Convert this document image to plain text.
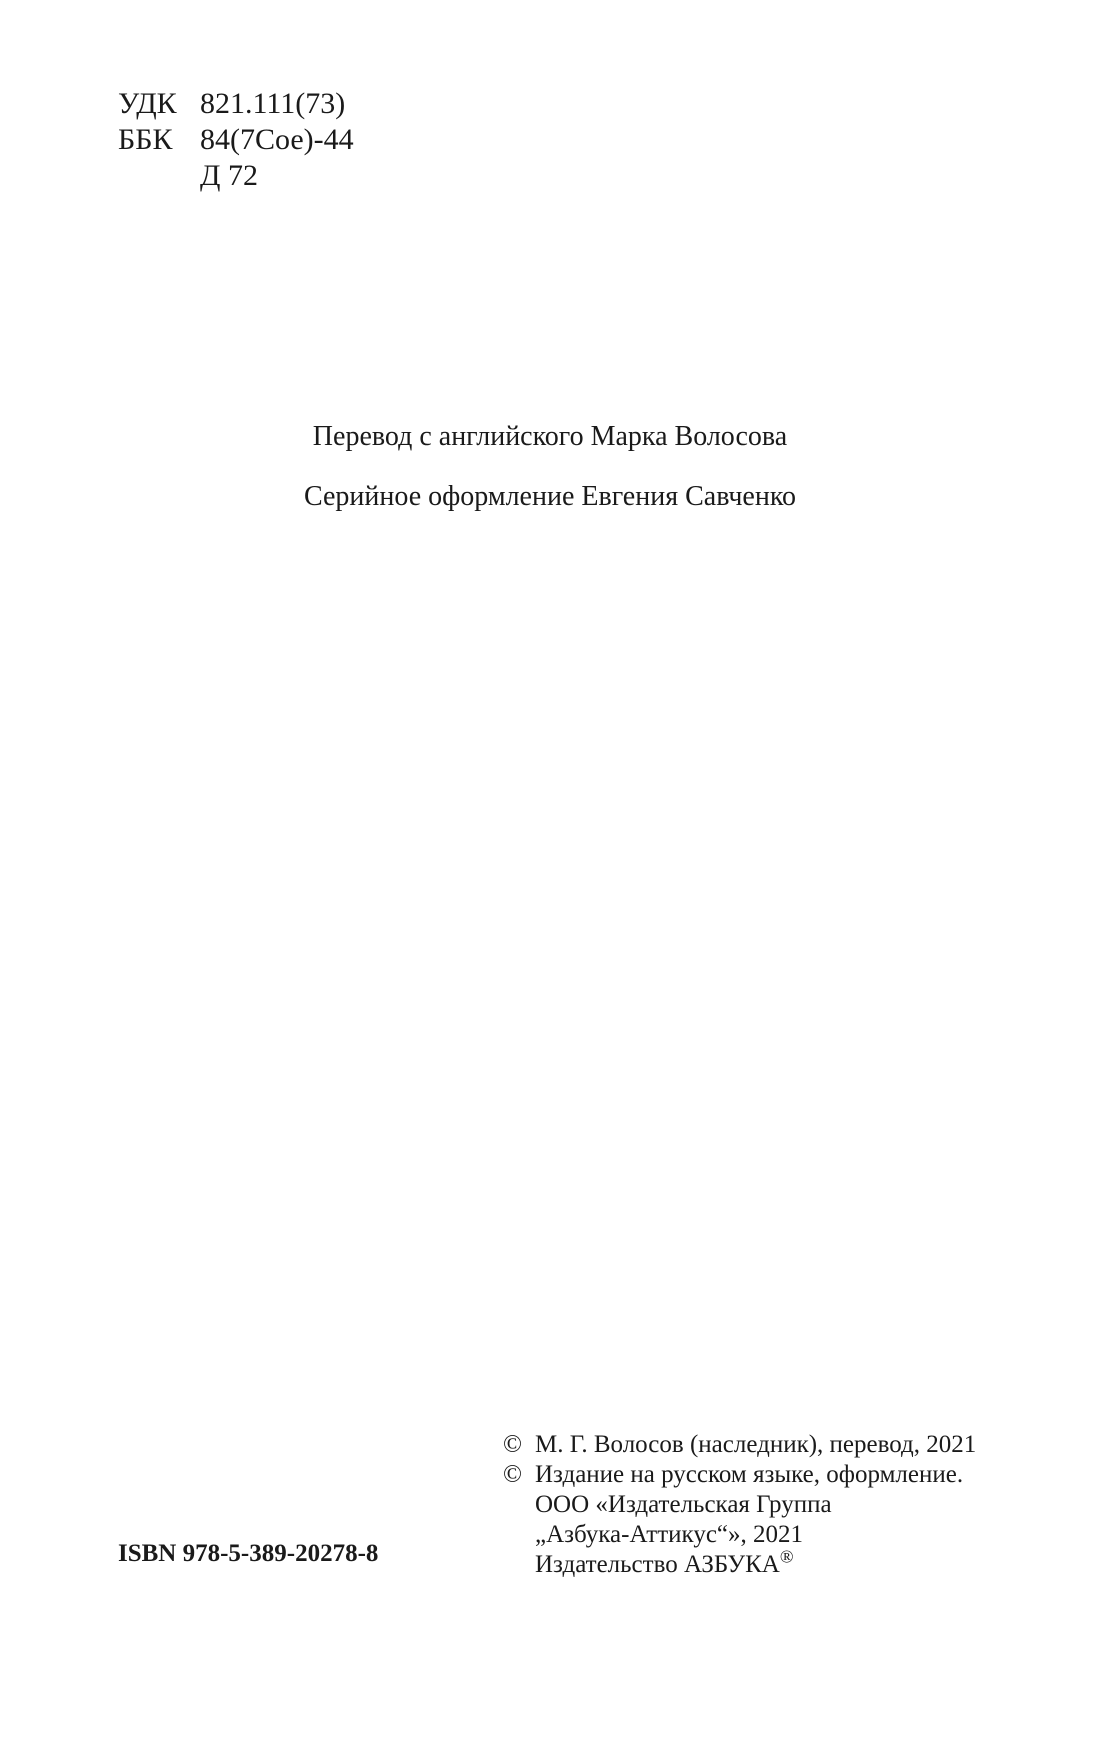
УДК 821.111(73)
ББК 84(7Сое)-44
Д 72
Перевод с английского Марка Волосова
Серийное оформление Евгения Савченко
ISBN 978-5-389-20278-8
© М. Г. Волосов (наследник), перевод, 2021
© Издание на русском языке, оформление.
ООО «Издательская Группа
„Азбука-Аттикус“», 2021
Издательство АЗБУКА®
